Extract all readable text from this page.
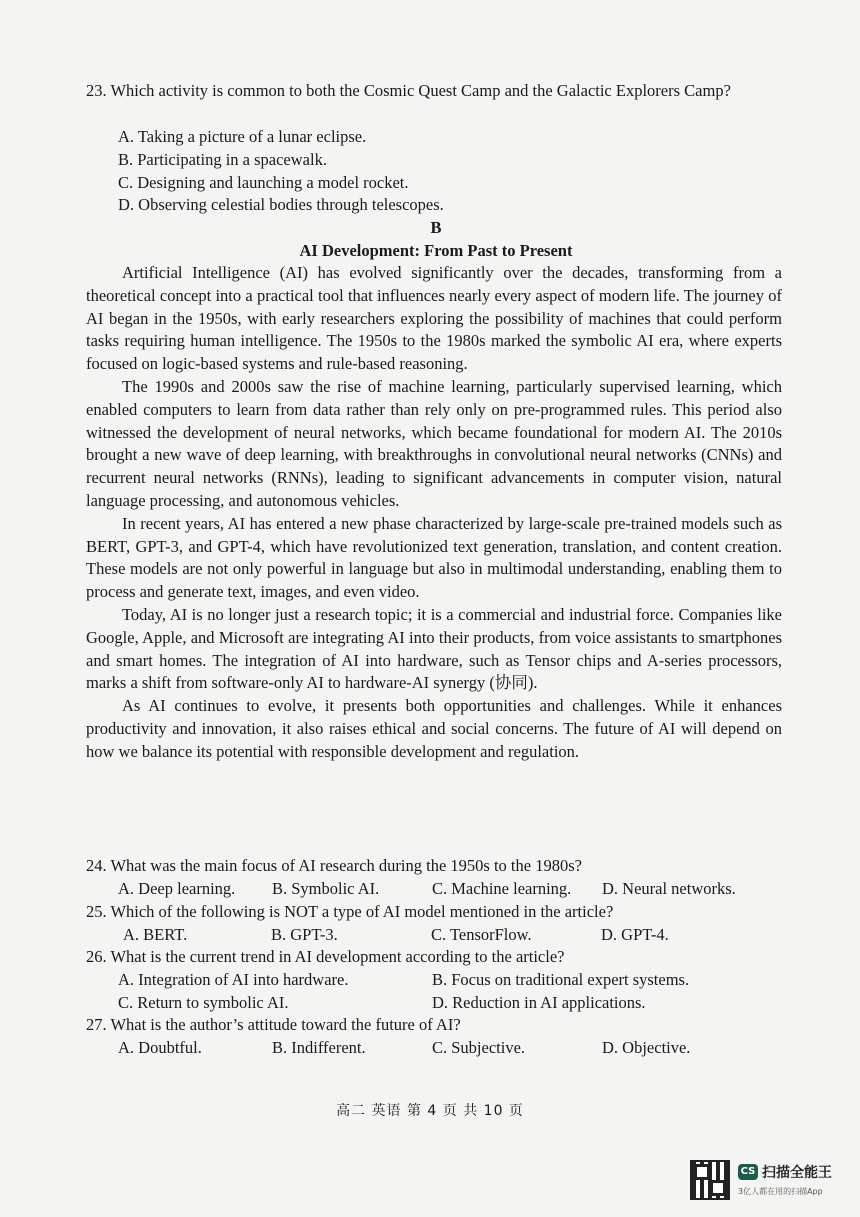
23. Which activity is common to both the Cosmic Quest Camp and the Galactic Explorers Camp?
A. Taking a picture of a lunar eclipse.
B. Participating in a spacewalk.
C. Designing and launching a model rocket.
D. Observing celestial bodies through telescopes.
B
AI Development: From Past to Present

Artificial Intelligence (AI) has evolved significantly over the decades, transforming from a theoretical concept into a practical tool that influences nearly every aspect of modern life. The journey of AI began in the 1950s, with early researchers exploring the possibility of machines that could perform tasks requiring human intelligence. The 1950s to the 1980s marked the symbolic AI era, where experts focused on logic-based systems and rule-based reasoning.

The 1990s and 2000s saw the rise of machine learning, particularly supervised learning, which enabled computers to learn from data rather than rely only on pre-programmed rules. This period also witnessed the development of neural networks, which became foundational for modern AI. The 2010s brought a new wave of deep learning, with breakthroughs in convolutional neural networks (CNNs) and recurrent neural networks (RNNs), leading to significant advancements in computer vision, natural language processing, and autonomous vehicles.

In recent years, AI has entered a new phase characterized by large-scale pre-trained models such as BERT, GPT-3, and GPT-4, which have revolutionized text generation, translation, and content creation. These models are not only powerful in language but also in multimodal understanding, enabling them to process and generate text, images, and even video.

Today, AI is no longer just a research topic; it is a commercial and industrial force. Companies like Google, Apple, and Microsoft are integrating AI into their products, from voice assistants to smartphones and smart homes. The integration of AI into hardware, such as Tensor chips and A-series processors, marks a shift from software-only AI to hardware-AI synergy (协同).

As AI continues to evolve, it presents both opportunities and challenges. While it enhances productivity and innovation, it also raises ethical and social concerns. The future of AI will depend on how we balance its potential with responsible development and regulation.

24. What was the main focus of AI research during the 1950s to the 1980s?
A. Deep learning. B. Symbolic AI.	C. Machine learning. D. Neural networks.
25. Which of the following is NOT a type of AI model mentioned in the article?
A. BERT.	B. GPT-3.	C. TensorFlow.	D. GPT-4.
26. What is the current trend in AI development according to the article?
A. Integration of AI into hardware.	B. Focus on traditional expert systems.
C. Return to symbolic AI.	D. Reduction in AI applications.
27. What is the author’s attitude toward the future of AI?
A. Doubtful.	B. Indifferent.	C. Subjective.	D. Objective.
高二 英语 第 4 页 共 10 页
CS 扫描全能王
3亿人都在用的扫描App
